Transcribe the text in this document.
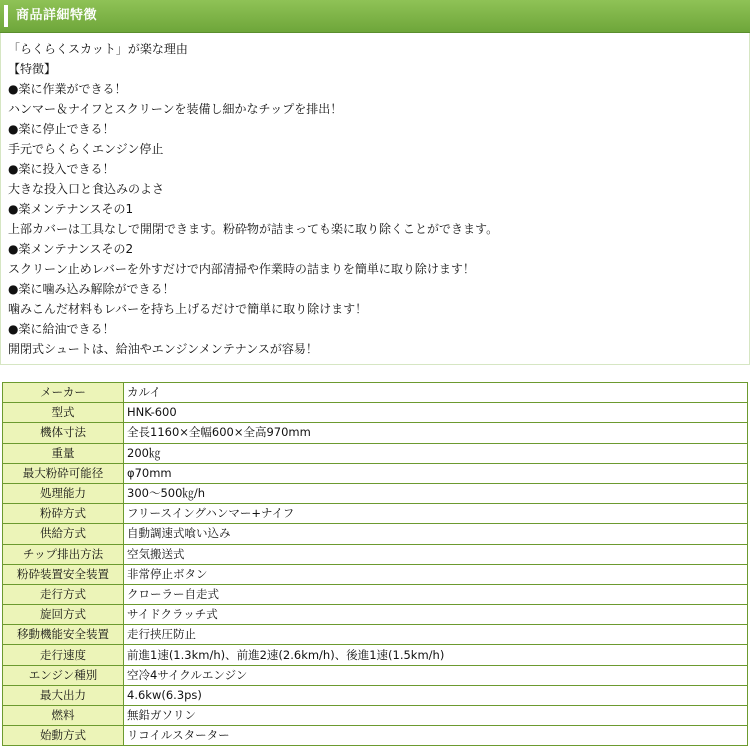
商品詳細特徴
「らくらくスカット」が楽な理由
【特徴】
●楽に作業ができる！
ハンマー＆ナイフとスクリーンを装備し細かなチップを排出！
●楽に停止できる！
手元でらくらくエンジン停止
●楽に投入できる！
大きな投入口と食込みのよさ
●楽メンテナンスその1
上部カバーは工具なしで開閉できます。粉砕物が詰まっても楽に取り除くことができます。
●楽メンテナンスその2
スクリーン止めレバーを外すだけで内部清掃や作業時の詰まりを簡単に取り除けます！
●楽に噛み込み解除ができる！
噛みこんだ材料もレバーを持ち上げるだけで簡単に取り除けます！
●楽に給油できる！
開閉式シュートは、給油やエンジンメンテナンスが容易！
メーカー	カルイ
型式	HNK-600
機体寸法	全長1160×全幅600×全高970mm
重量	200㎏
最大粉砕可能径	φ70mm
処理能力	300〜500㎏/h
粉砕方式	フリースイングハンマー+ナイフ
供給方式	自動調速式喰い込み
チップ排出方法	空気搬送式
粉砕装置安全装置	非常停止ボタン
走行方式	クローラー自走式
旋回方式	サイドクラッチ式
移動機能安全装置	走行挟圧防止
走行速度	前進1速(1.3km/h)、前進2速(2.6km/h)、後進1速(1.5km/h)
エンジン種別	空冷4サイクルエンジン
最大出力	4.6kw(6.3ps)
燃料	無鉛ガソリン
始動方式	リコイルスターター
